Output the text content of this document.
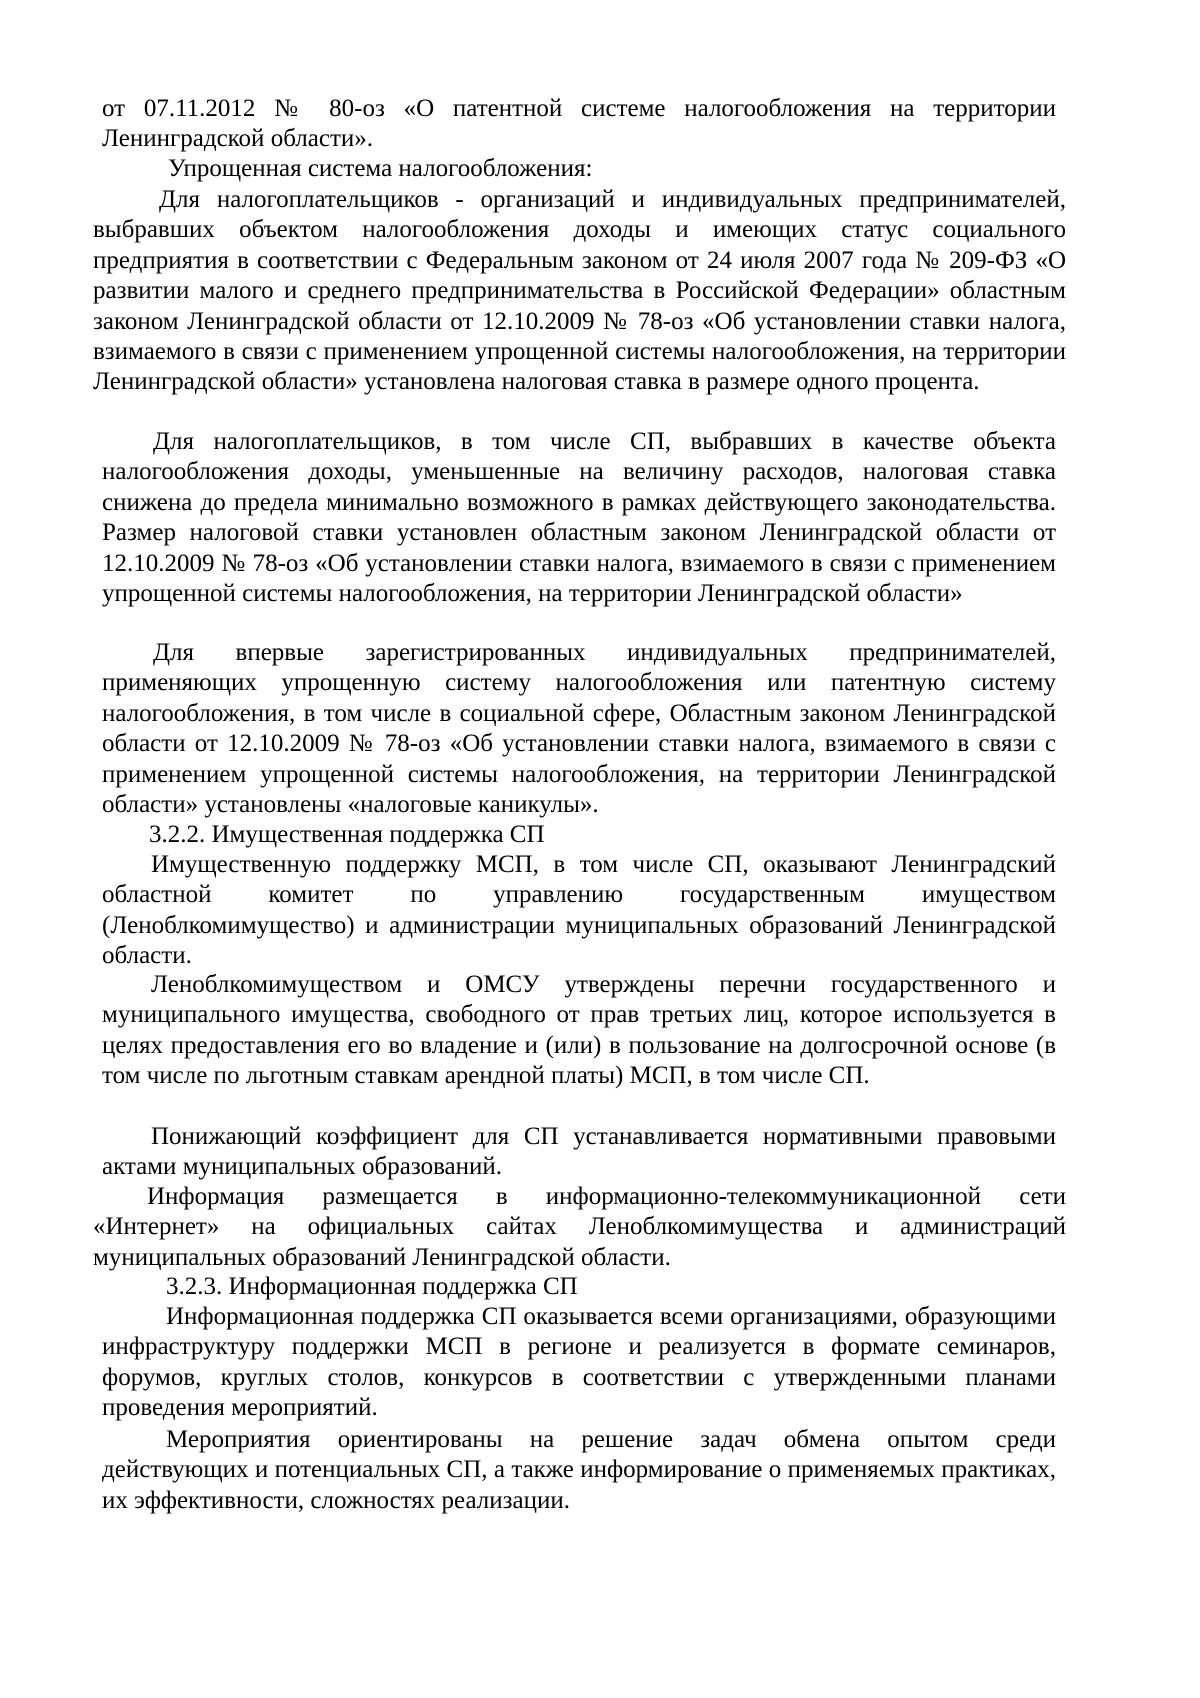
от 07.11.2012 № 80-оз «О патентной системе налогообложения на территории Ленинградской области».

Упрощенная система налогообложения:

Для налогоплательщиков - организаций и индивидуальных предпринимателей, выбравших объектом налогообложения доходы и имеющих статус социального предприятия в соответствии с Федеральным законом от 24 июля 2007 года № 209-ФЗ «О развитии малого и среднего предпринимательства в Российской Федерации» областным законом Ленинградской области от 12.10.2009 № 78-оз «Об установлении ставки налога, взимаемого в связи с применением упрощенной системы налогообложения, на территории Ленинградской области» установлена налоговая ставка в размере одного процента.

Для налогоплательщиков, в том числе СП, выбравших в качестве объекта налогообложения доходы, уменьшенные на величину расходов, налоговая ставка снижена до предела минимально возможного в рамках действующего законодательства. Размер налоговой ставки установлен областным законом Ленинградской области от 12.10.2009 № 78-оз «Об установлении ставки налога, взимаемого в связи с применением упрощенной системы налогообложения, на территории Ленинградской области»

Для впервые зарегистрированных индивидуальных предпринимателей, применяющих упрощенную систему налогообложения или патентную систему налогообложения, в том числе в социальной сфере, Областным законом Ленинградской области от 12.10.2009 № 78-оз «Об установлении ставки налога, взимаемого в связи с применением упрощенной системы налогообложения, на территории Ленинградской области» установлены «налоговые каникулы».

3.2.2. Имущественная поддержка СП

Имущественную поддержку МСП, в том числе СП, оказывают Ленинградский областной комитет по управлению государственным имуществом (Леноблкомимущество) и администрации муниципальных образований Ленинградской области.

Леноблкомимуществом и ОМСУ утверждены перечни государственного и муниципального имущества, свободного от прав третьих лиц, которое используется в целях предоставления его во владение и (или) в пользование на долгосрочной основе (в том числе по льготным ставкам арендной платы) МСП, в том числе СП.

Понижающий коэффициент для СП устанавливается нормативными правовыми актами муниципальных образований.

Информация размещается в информационно-телекоммуникационной сети «Интернет» на официальных сайтах Леноблкомимущества и администраций муниципальных образований Ленинградской области.

3.2.3. Информационная поддержка СП

Информационная поддержка СП оказывается всеми организациями, образующими инфраструктуру поддержки МСП в регионе и реализуется в формате семинаров, форумов, круглых столов, конкурсов в соответствии с утвержденными планами проведения мероприятий.

Мероприятия ориентированы на решение задач обмена опытом среди действующих и потенциальных СП, а также информирование о применяемых практиках, их эффективности, сложностях реализации.
